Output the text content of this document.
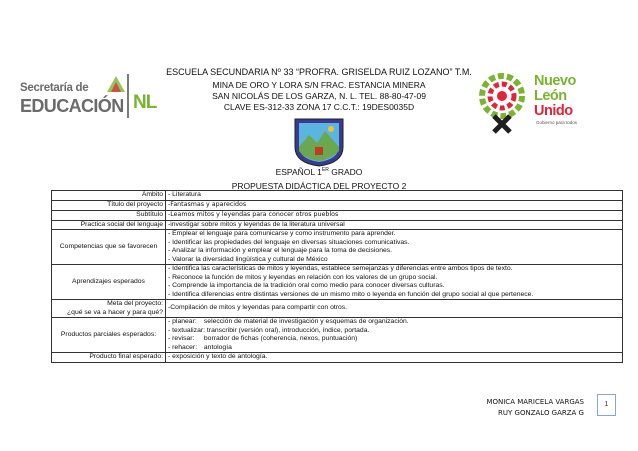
Secretaría de
EDUCACIÓN NL
Nuevo
León
Unido
Gobierno para todos
ESCUELA SECUNDARIA Nº 33 “PROFRA. GRISELDA RUIZ LOZANO” T.M.
MINA DE ORO Y LORA S/N FRAC. ESTANCIA MINERA
SAN NICOLÁS DE LOS GARZA, N. L. TEL. 88-80-47-09
CLAVE ES-312-33 ZONA 17 C.C.T.: 19DES0035D
ESPAÑOL 1ER GRADO
PROPUESTA DIDÁCTICA DEL PROYECTO 2
Ámbito	- Literatura
Título del proyecto	-Fantasmas y aparecidos
Subtítulo	-Leamos mitos y leyendas para conocer otros pueblos
Practica social del lenguaje	-investigar sobre mitos y leyendas de la literatura universal
Competencias que se favorecen	- Emplear el lenguaje para comunicarse y como instrumento para aprender.
- Identificar las propiedades del lenguaje en diversas situaciones comunicativas.
- Analizar la información y emplear el lenguaje para la toma de decisiones.
- Valorar la diversidad lingüística y cultural de México

Aprendizajes esperados	- Identifica las características de mitos y leyendas, establece semejanzas y diferencias entre ambos tipos de texto.
- Reconoce la función de mitos y leyendas en relación con los valores de un grupo social.
- Comprende la importancia de la tradición oral como medio para conocer diversas culturas.
- Identifica diferencias entre distintas versiones de un mismo mito o leyenda en función del grupo social al que pertenece.

Meta del proyecto:
¿qué se va a hacer y para qué?	-Compilación de mitos y leyendas para compartir con otros.
Productos parciales esperados:	- planear: selección de material de investigación y esquemas de organización.
- textualizar: transcribir (versión oral), introducción, índice, portada.
- revisar: borrador de fichas (coherencia, nexos, puntuación)
- rehacer: antología

Producto final esperado:	- exposición y texto de antología.
MONICA MARICELA VARGAS
RUY GONZALO GARZA G
1
